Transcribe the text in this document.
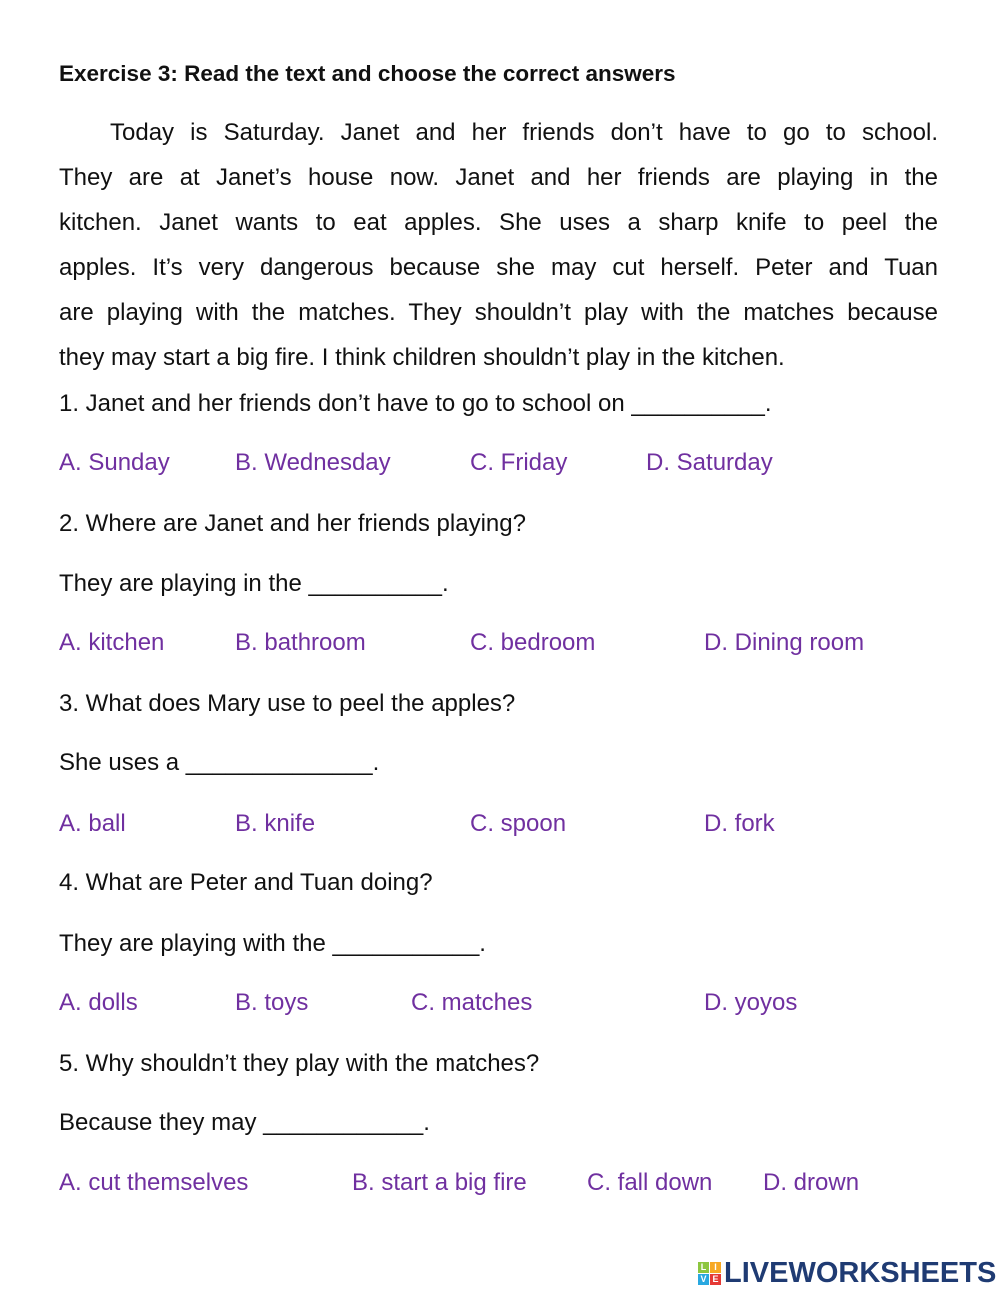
Exercise 3: Read the text and choose the correct answers
Today is Saturday. Janet and her friends don’t have to go to school.
They are at Janet’s house now. Janet and her friends are playing in the
kitchen. Janet wants to eat apples. She uses a sharp knife to peel the
apples. It’s very dangerous because she may cut herself. Peter and Tuan
are playing with the matches. They shouldn’t play with the matches because
they may start a big fire. I think children shouldn’t play in the kitchen.
1. Janet and her friends don’t have to go to school on __________.
A. Sunday	B. Wednesday	C. Friday	D. Saturday
2. Where are Janet and her friends playing?
They are playing in the __________.
A. kitchen	B. bathroom	C. bedroom	D. Dining room
3. What does Mary use to peel the apples?
She uses a ______________.
A. ball	B. knife	C. spoon	D. fork
4. What are Peter and Tuan doing?
They are playing with the ___________.
A. dolls	B. toys	C. matches	D. yoyos
5. Why shouldn’t they play with the matches?
Because they may ____________.
A. cut themselves	B. start a big fire	C. fall down D. drown
L I
V E LIVEWORKSHEETS
